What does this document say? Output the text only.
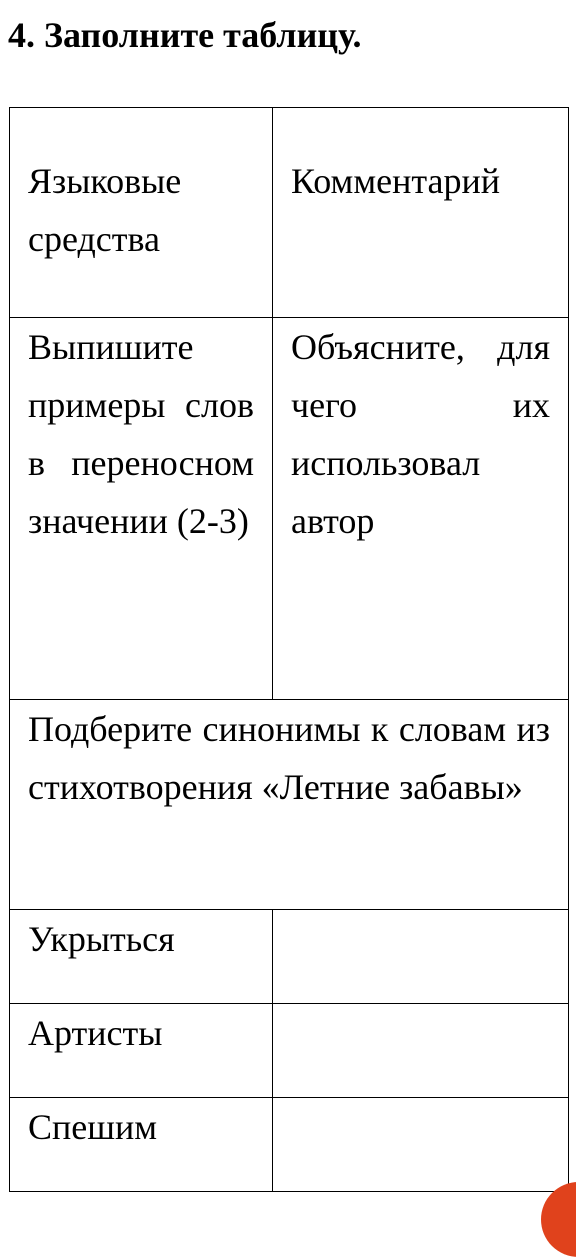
4. Заполните таблицу.
Языковые средства	Комментарий

Выпишите примеры слов в переносном значении (2-3)	Объясните, для чего их использовал автор

Подберите синонимы к словам из стихотворения «Летние забавы»	

Укрыться	

Артисты	

Спешим	
